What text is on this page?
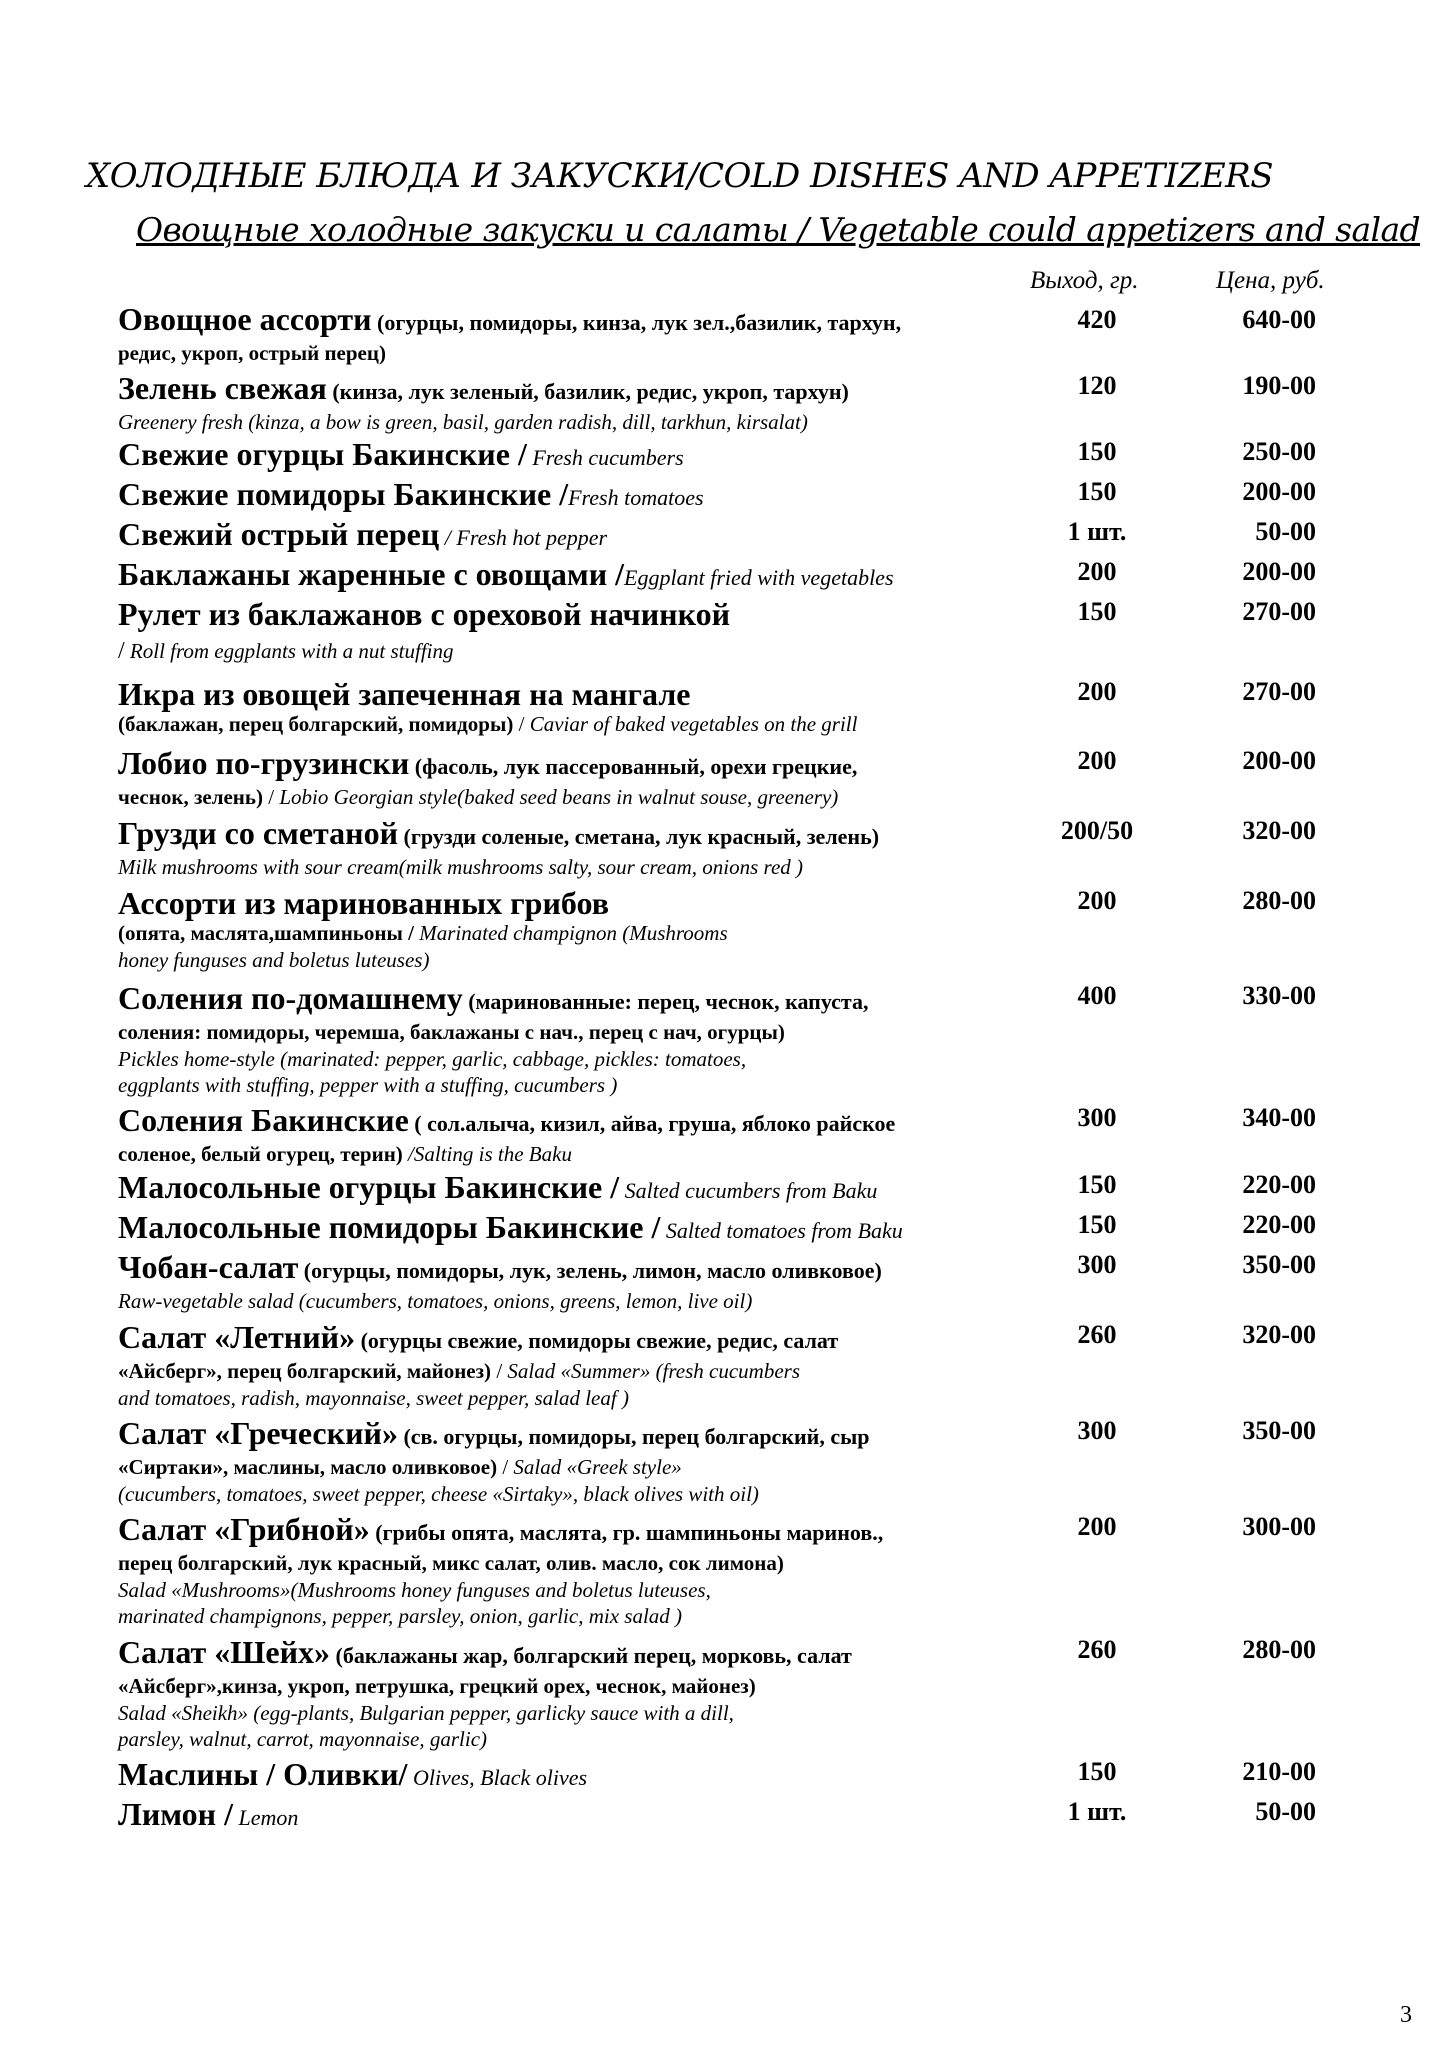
ХОЛОДНЫЕ БЛЮДА И ЗАКУСКИ/COLD DISHES AND APPETIZERS
Овощные холодные закуски и салаты / Vegetable could appetizers and salad
Выход, гр.	Цена, руб.
Овощное ассорти (огурцы, помидоры, кинза, лук зел.,базилик, тархун,
редис, укроп, острый перец)
420	640-00
Зелень свежая (кинза, лук зеленый, базилик, редис, укроп, тархун)
Greenery fresh (kinza, a bow is green, basil, garden radish, dill, tarkhun, kirsalat)
120	190-00
Свежие огурцы Бакинские / Fresh cucumbers	150	250-00
Свежие помидоры Бакинские /Fresh tomatoes	150	200-00
Свежий острый перец / Fresh hot pepper	1 шт.	50-00
Баклажаны жаренные с овощами /Eggplant fried with vegetables	200	200-00
Рулет из баклажанов с ореховой начинкой
/ Roll from eggplants with a nut stuffing
150	270-00
Икра из овощей запеченная на мангале
(баклажан, перец болгарский, помидоры) / Caviar of baked vegetables on the grill
200	270-00
Лобио по-грузински (фасоль, лук пассерованный, орехи грецкие,
чеснок, зелень) / Lobio Georgian style(baked seed beans in walnut souse, greenery)
200	200-00
Грузди со сметаной (грузди соленые, сметана, лук красный, зелень)
Milk mushrooms with sour cream(milk mushrooms salty, sour cream, onions red )
200/50	320-00
Ассорти из маринованных грибов
(опята, маслята,шампиньоны / Marinated champignon (Mushrooms
honey funguses and boletus luteuses)
200	280-00
Соления по-домашнему (маринованные: перец, чеснок, капуста,
соления: помидоры, черемша, баклажаны с нач., перец с нач, огурцы)
Pickles home-style (marinated: pepper, garlic, cabbage, pickles: tomatoes,
eggplants with stuffing, pepper with a stuffing, cucumbers )
400	330-00
Соления Бакинские ( сол.алыча, кизил, айва, груша, яблоко райское
соленое, белый огурец, терин) /Salting is the Baku
300	340-00
Малосольные огурцы Бакинские / Salted cucumbers from Baku	150	220-00
Малосольные помидоры Бакинские / Salted tomatoes from Baku	150	220-00
Чобан-салат (огурцы, помидоры, лук, зелень, лимон, масло оливковое)
Raw-vegetable salad (cucumbers, tomatoes, onions, greens, lemon, live oil)
300	350-00
Салат «Летний» (огурцы свежие, помидоры свежие, редис, салат
«Айсберг», перец болгарский, майонез) / Salad «Summer» (fresh cucumbers
and tomatoes, radish, mayonnaise, sweet pepper, salad leaf )
260	320-00
Салат «Греческий» (св. огурцы, помидоры, перец болгарский, сыр
«Сиртаки», маслины, масло оливковое) / Salad «Greek style»
(cucumbers, tomatoes, sweet pepper, cheese «Sirtaky», black olives with oil)
300	350-00
Салат «Грибной» (грибы опята, маслята, гр. шампиньоны маринов.,
перец болгарский, лук красный, микс салат, олив. масло, сок лимона)
Salad «Mushrooms»(Mushrooms honey funguses and boletus luteuses,
marinated champignons, pepper, parsley, onion, garlic, mix salad )
200	300-00
Салат «Шейх» (баклажаны жар, болгарский перец, морковь, салат
«Айсберг»,кинза, укроп, петрушка, грецкий орех, чеснок, майонез)
Salad «Sheikh» (egg-plants, Bulgarian pepper, garlicky sauce with a dill,
parsley, walnut, carrot, mayonnaise, garlic)
260	280-00
Маслины / Оливки/ Olives, Black olives	150	210-00
Лимон / Lemon	1 шт.	50-00
3
